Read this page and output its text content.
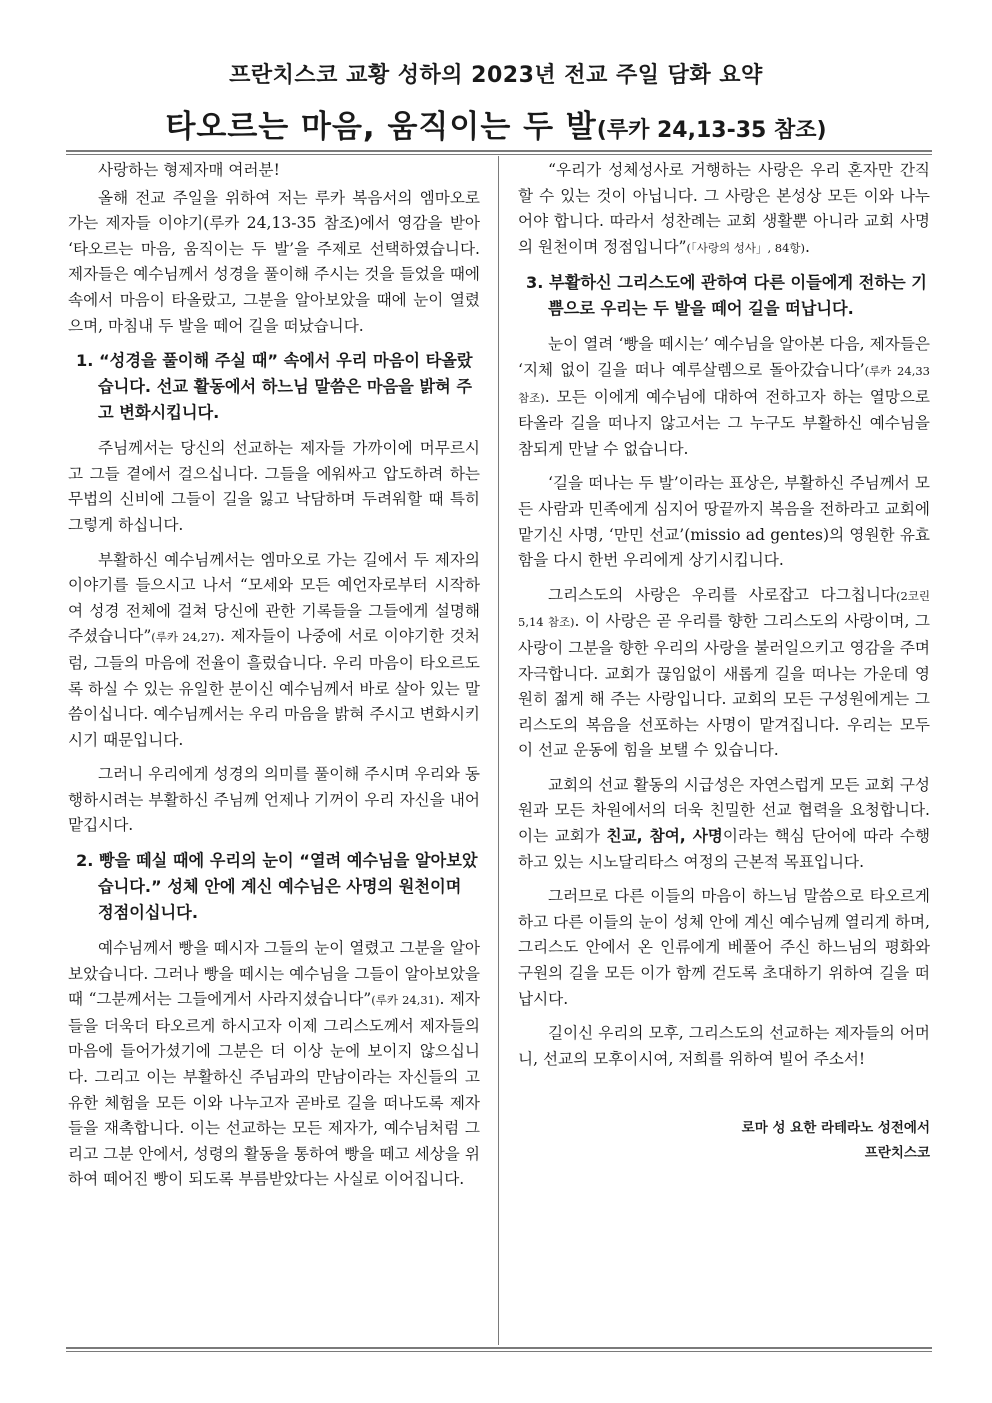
프란치스코 교황 성하의 2023년 전교 주일 담화 요약
타오르는 마음, 움직이는 두 발(루카 24,13-35 참조)

사랑하는 형제자매 여러분!

올해 전교 주일을 위하여 저는 루카 복음서의 엠마오로 가는 제자들 이야기(루카 24,13-35 참조)에서 영감을 받아 ‘타오르는 마음, 움직이는 두 발’을 주제로 선택하였습니다. 제자들은 예수님께서 성경을 풀이해 주시는 것을 들었을 때에 속에서 마음이 타올랐고, 그분을 알아보았을 때에 눈이 열렸으며, 마침내 두 발을 떼어 길을 떠났습니다.

1. “성경을 풀이해 주실 때” 속에서 우리 마음이 타올랐습니다. 선교 활동에서 하느님 말씀은 마음을 밝혀 주고 변화시킵니다.

주님께서는 당신의 선교하는 제자들 가까이에 머무르시고 그들 곁에서 걸으십니다. 그들을 에워싸고 압도하려 하는 무법의 신비에 그들이 길을 잃고 낙담하며 두려워할 때 특히 그렇게 하십니다.

부활하신 예수님께서는 엠마오로 가는 길에서 두 제자의 이야기를 들으시고 나서 “모세와 모든 예언자로부터 시작하여 성경 전체에 걸쳐 당신에 관한 기록들을 그들에게 설명해 주셨습니다”(루카 24,27). 제자들이 나중에 서로 이야기한 것처럼, 그들의 마음에 전율이 흘렀습니다. 우리 마음이 타오르도록 하실 수 있는 유일한 분이신 예수님께서 바로 살아 있는 말씀이십니다. 예수님께서는 우리 마음을 밝혀 주시고 변화시키시기 때문입니다.

그러니 우리에게 성경의 의미를 풀이해 주시며 우리와 동행하시려는 부활하신 주님께 언제나 기꺼이 우리 자신을 내어 맡깁시다.

2. 빵을 떼실 때에 우리의 눈이 “열려 예수님을 알아보았습니다.” 성체 안에 계신 예수님은 사명의 원천이며 정점이십니다.

예수님께서 빵을 떼시자 그들의 눈이 열렸고 그분을 알아보았습니다. 그러나 빵을 떼시는 예수님을 그들이 알아보았을 때 “그분께서는 그들에게서 사라지셨습니다”(루카 24,31). 제자들을 더욱더 타오르게 하시고자 이제 그리스도께서 제자들의 마음에 들어가셨기에 그분은 더 이상 눈에 보이지 않으십니다. 그리고 이는 부활하신 주님과의 만남이라는 자신들의 고유한 체험을 모든 이와 나누고자 곧바로 길을 떠나도록 제자들을 재촉합니다. 이는 선교하는 모든 제자가, 예수님처럼 그리고 그분 안에서, 성령의 활동을 통하여 빵을 떼고 세상을 위하여 떼어진 빵이 되도록 부름받았다는 사실로 이어집니다.

“우리가 성체성사로 거행하는 사랑은 우리 혼자만 간직할 수 있는 것이 아닙니다. 그 사랑은 본성상 모든 이와 나누어야 합니다. 따라서 성찬례는 교회 생활뿐 아니라 교회 사명의 원천이며 정점입니다”(「사랑의 성사」, 84항).

3. 부활하신 그리스도에 관하여 다른 이들에게 전하는 기쁨으로 우리는 두 발을 떼어 길을 떠납니다.

눈이 열려 ‘빵을 떼시는’ 예수님을 알아본 다음, 제자들은 ‘지체 없이 길을 떠나 예루살렘으로 돌아갔습니다’(루카 24,33 참조). 모든 이에게 예수님에 대하여 전하고자 하는 열망으로 타올라 길을 떠나지 않고서는 그 누구도 부활하신 예수님을 참되게 만날 수 없습니다.

‘길을 떠나는 두 발’이라는 표상은, 부활하신 주님께서 모든 사람과 민족에게 심지어 땅끝까지 복음을 전하라고 교회에 맡기신 사명, ‘만민 선교’(missio ad gentes)의 영원한 유효함을 다시 한번 우리에게 상기시킵니다.

그리스도의 사랑은 우리를 사로잡고 다그칩니다(2코린 5,14 참조). 이 사랑은 곧 우리를 향한 그리스도의 사랑이며, 그 사랑이 그분을 향한 우리의 사랑을 불러일으키고 영감을 주며 자극합니다. 교회가 끊임없이 새롭게 길을 떠나는 가운데 영원히 젊게 해 주는 사랑입니다. 교회의 모든 구성원에게는 그리스도의 복음을 선포하는 사명이 맡겨집니다. 우리는 모두 이 선교 운동에 힘을 보탤 수 있습니다.

교회의 선교 활동의 시급성은 자연스럽게 모든 교회 구성원과 모든 차원에서의 더욱 친밀한 선교 협력을 요청합니다. 이는 교회가 친교, 참여, 사명이라는 핵심 단어에 따라 수행하고 있는 시노달리타스 여정의 근본적 목표입니다.

그러므로 다른 이들의 마음이 하느님 말씀으로 타오르게 하고 다른 이들의 눈이 성체 안에 계신 예수님께 열리게 하며, 그리스도 안에서 온 인류에게 베풀어 주신 하느님의 평화와 구원의 길을 모든 이가 함께 걷도록 초대하기 위하여 길을 떠납시다.

길이신 우리의 모후, 그리스도의 선교하는 제자들의 어머니, 선교의 모후이시여, 저희를 위하여 빌어 주소서!

로마 성 요한 라테라노 성전에서
프란치스코
